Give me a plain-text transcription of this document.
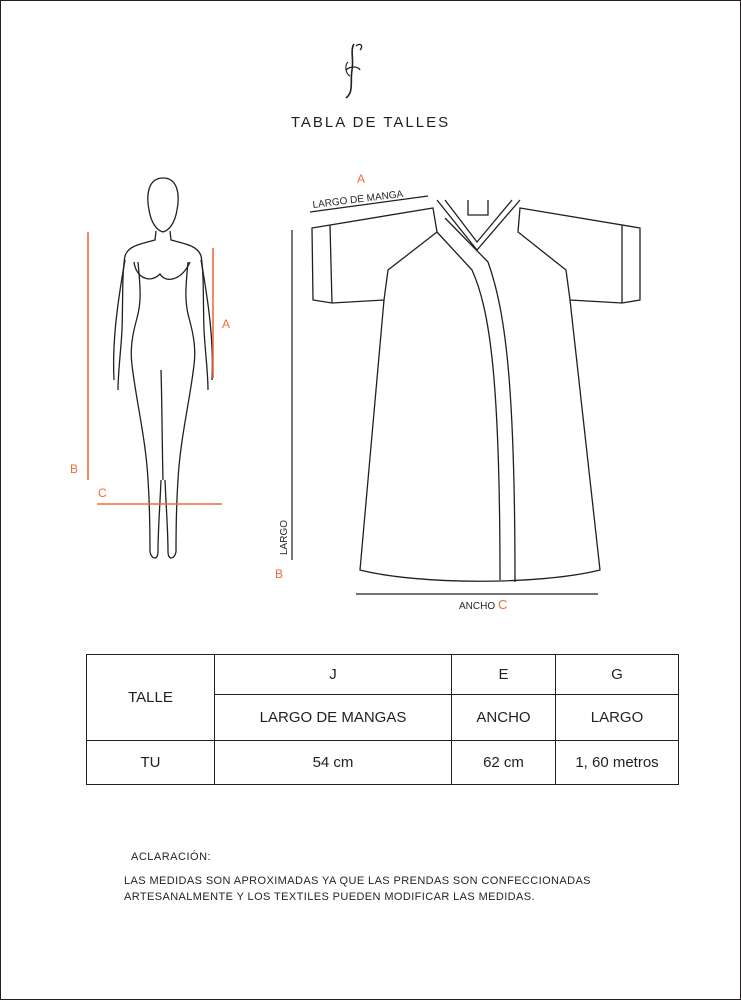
TABLA DE TALLES
A
B
C
A
LARGO DE MANGA
LARGO
B
ANCHO C
TALLE	J	E	G
	LARGO DE MANGAS	ANCHO	LARGO
TU	54 cm	62 cm	1, 60 metros
ACLARACIÓN:
LAS MEDIDAS SON APROXIMADAS YA QUE LAS PRENDAS SON CONFECCIONADAS ARTESANALMENTE Y LOS TEXTILES PUEDEN MODIFICAR LAS MEDIDAS.
